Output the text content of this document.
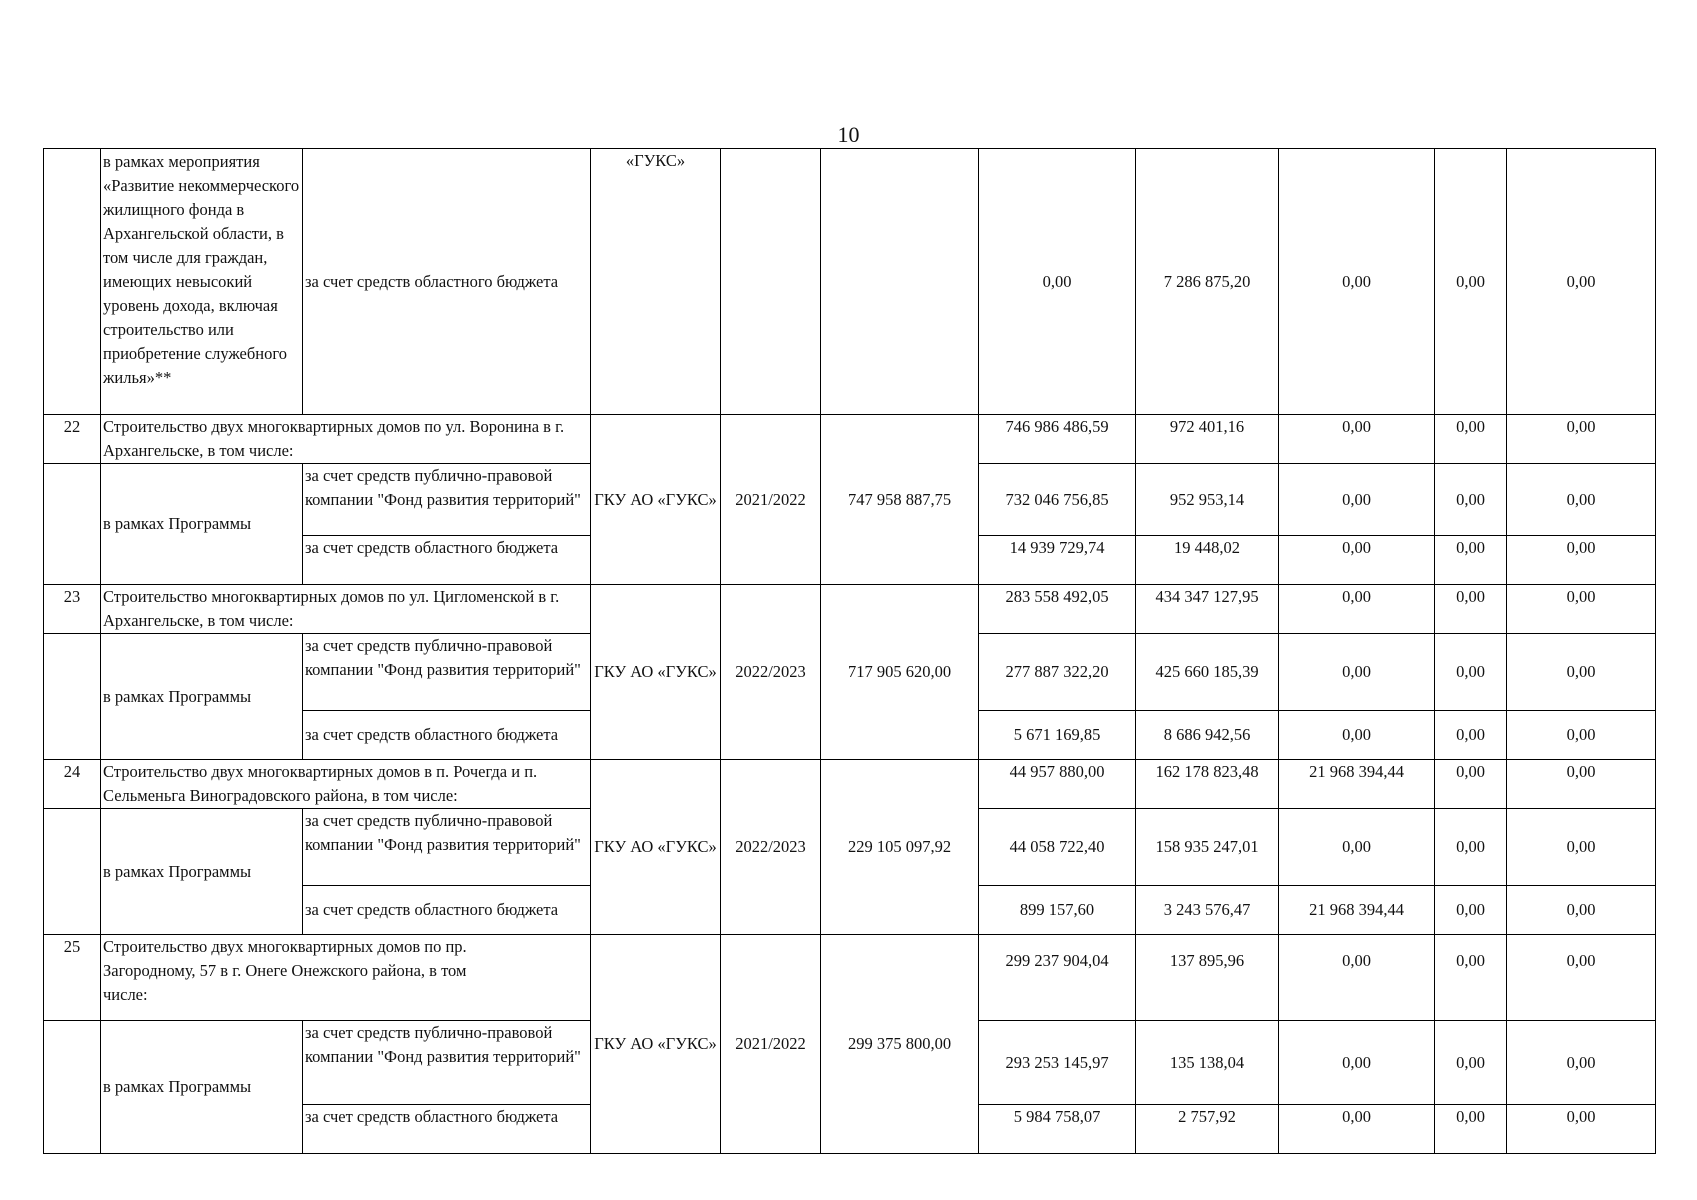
10
	в рамках мероприятия «Развитие некоммерческого жилищного фонда в Архангельской области, в том числе для граждан, имеющих невысокий уровень дохода, включая строительство или приобретение служебного жилья»**	за счет средств областного бюджета	«ГУКС»			0,00	7 286 875,20	0,00	0,00	0,00
22	Строительство двух многоквартирных домов по ул. Воронина в г. Архангельске, в том числе:		ГКУ АО «ГУКС»	2021/2022	747 958 887,75	746 986 486,59	972 401,16	0,00	0,00	0,00
	в рамках Программы	за счет средств публично-правовой компании "Фонд развития территорий"				732 046 756,85	952 953,14	0,00	0,00	0,00
		за счет средств областного бюджета				14 939 729,74	19 448,02	0,00	0,00	0,00
23	Строительство многоквартирных домов по ул. Цигломенской в г. Архангельске, в том числе:		ГКУ АО «ГУКС»	2022/2023	717 905 620,00	283 558 492,05	434 347 127,95	0,00	0,00	0,00
	в рамках Программы	за счет средств публично-правовой компании "Фонд развития территорий"				277 887 322,20	425 660 185,39	0,00	0,00	0,00
		за счет средств областного бюджета				5 671 169,85	8 686 942,56	0,00	0,00	0,00
24	Строительство двух многоквартирных домов в п. Рочегда и п. Сельменьга Виноградовского района, в том числе:		ГКУ АО «ГУКС»	2022/2023	229 105 097,92	44 957 880,00	162 178 823,48	21 968 394,44	0,00	0,00
	в рамках Программы	за счет средств публично-правовой компании "Фонд развития территорий"				44 058 722,40	158 935 247,01	0,00	0,00	0,00
		за счет средств областного бюджета				899 157,60	3 243 576,47	21 968 394,44	0,00	0,00
25	Строительство двух многоквартирных домов по пр. Загородному, 57 в г. Онеге Онежского района, в том числе:		ГКУ АО «ГУКС»	2021/2022	299 375 800,00	299 237 904,04	137 895,96	0,00	0,00	0,00
	в рамках Программы	за счет средств публично-правовой компании "Фонд развития территорий"				293 253 145,97	135 138,04	0,00	0,00	0,00
		за счет средств областного бюджета				5 984 758,07	2 757,92	0,00	0,00	0,00
